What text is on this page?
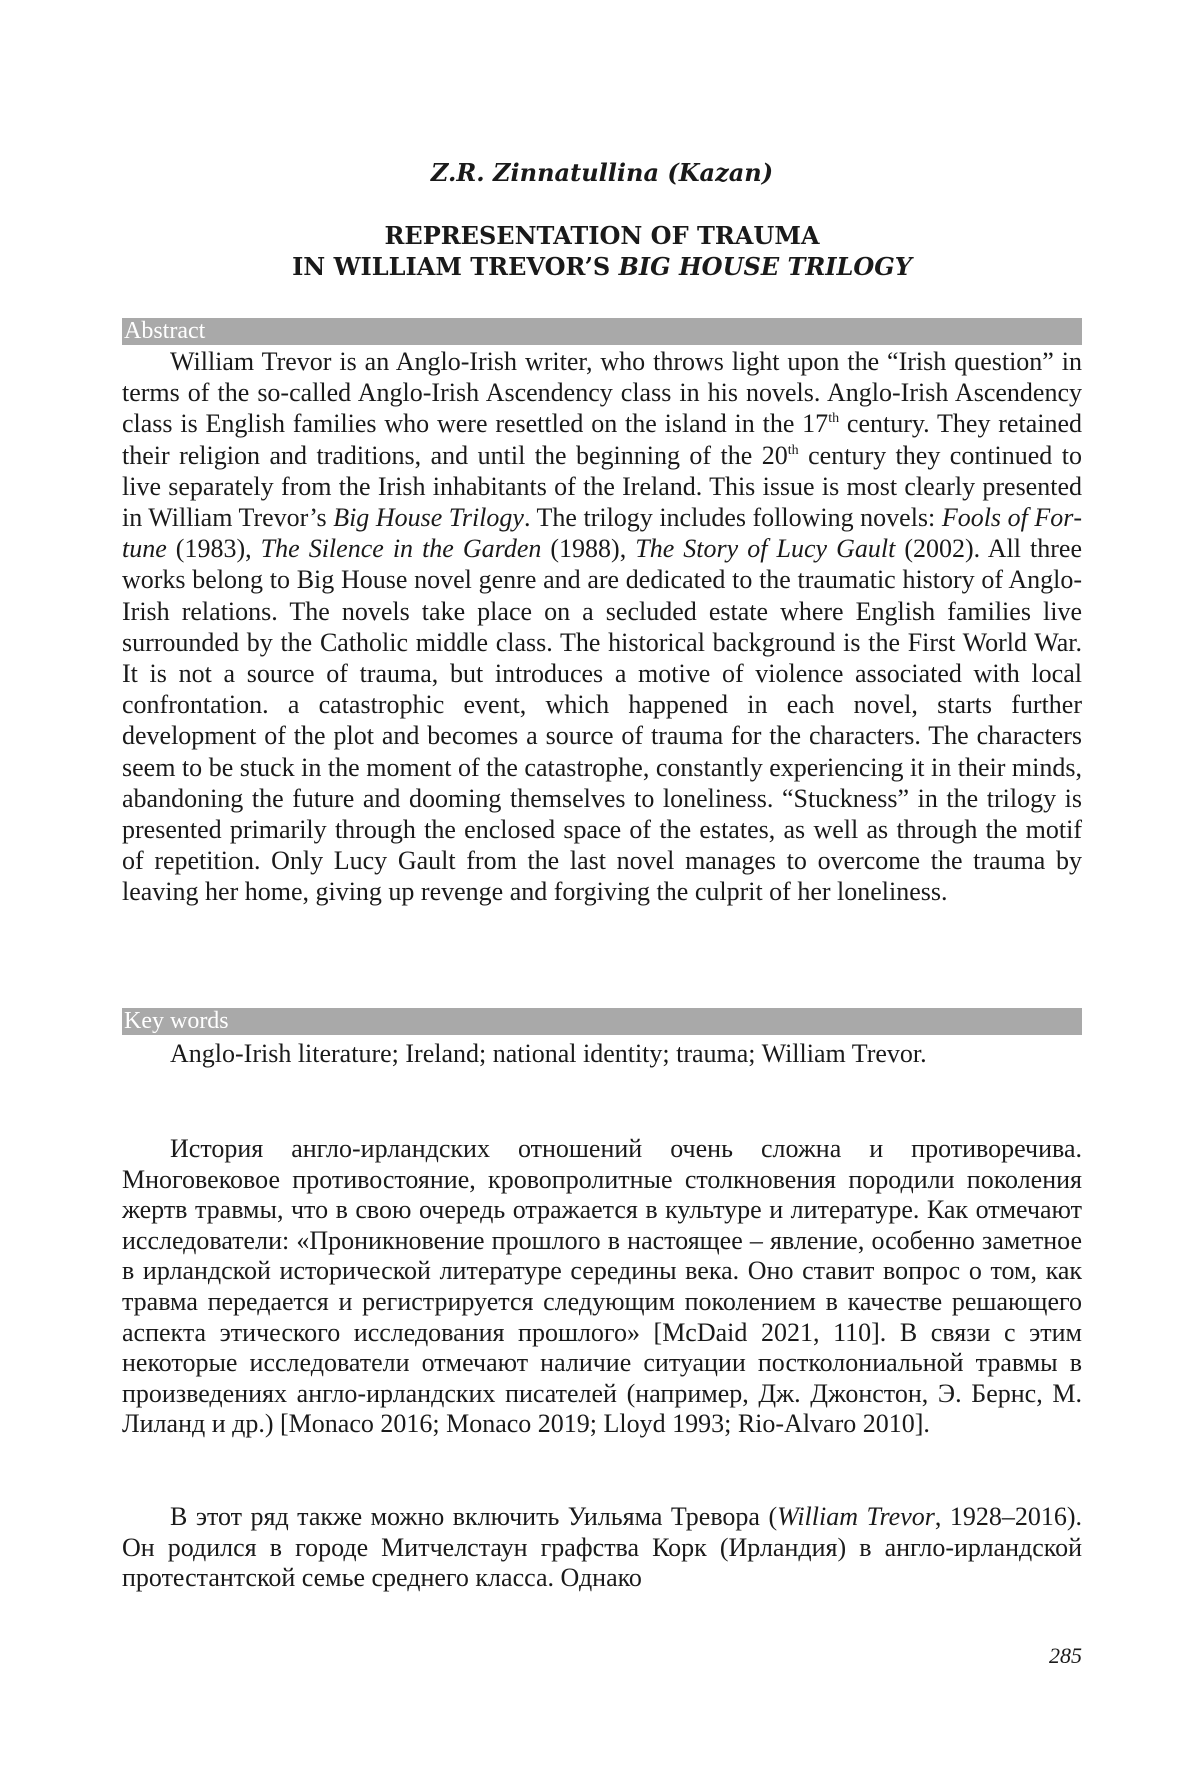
Z.R. Zinnatullina (Kazan)
REPRESENTATION OF TRAUMA
IN WILLIAM TREVOR’S BIG HOUSE TRILOGY
Abstract

William Trevor is an Anglo-Irish writer, who throws light upon the “Irish question” in terms of the so-called Anglo-Irish Ascendency class in his novels. Anglo-Irish Ascendency class is English families who were resettled on the island in the 17th century. They retained their religion and traditions, and until the beginning of the 20th century they continued to live separately from the Irish inhabitants of the Ireland. This issue is most clearly presented in William Trevor’s Big House Trilogy. The trilogy includes following novels: Fools of Fortune (1983), The Silence in the Garden (1988), The Story of Lucy Gault (2002). All three works belong to Big House novel genre and are dedicated to the traumatic history of Anglo-Irish relations. The novels take place on a secluded estate where English families live surrounded by the Catholic middle class. The historical background is the First World War. It is not a source of trauma, but introduces a motive of violence associated with local confrontation. a catastrophic event, which happened in each novel, starts further development of the plot and becomes a source of trauma for the characters. The characters seem to be stuck in the moment of the catastrophe, constantly experiencing it in their minds, abandoning the future and dooming themselves to loneliness. “Stuckness” in the trilogy is presented primarily through the enclosed space of the estates, as well as through the motif of repetition. Only Lucy Gault from the last novel manages to overcome the trauma by leaving her home, giving up revenge and forgiving the culprit of her loneliness.

Key words

Anglo-Irish literature; Ireland; national identity; trauma; William Trevor.

История англо-ирландских отношений очень сложна и противоречива. Многовековое противостояние, кровопролитные столкновения породили поколения жертв травмы, что в свою очередь отражается в культуре и литературе. Как отмечают исследователи: «Проникновение прошлого в настоящее – явление, особенно заметное в ирландской исторической литературе середины века. Оно ставит вопрос о том, как травма передается и регистрируется следующим поколением в качестве решающего аспекта этического исследования прошлого» [McDaid 2021, 110]. В связи с этим некоторые исследователи отмечают наличие ситуации постколониальной травмы в произведениях англо-ирландских писателей (например, Дж. Джонстон, Э. Бернс, М. Лиланд и др.) [Monaco 2016; Monaco 2019; Lloyd 1993; Rio-Alvaro 2010].

В этот ряд также можно включить Уильяма Тревора (William Trevor, 1928–2016). Он родился в городе Митчелстаун графства Корк (Ирландия) в англо-ирландской протестантской семье среднего класса. Однако

285
